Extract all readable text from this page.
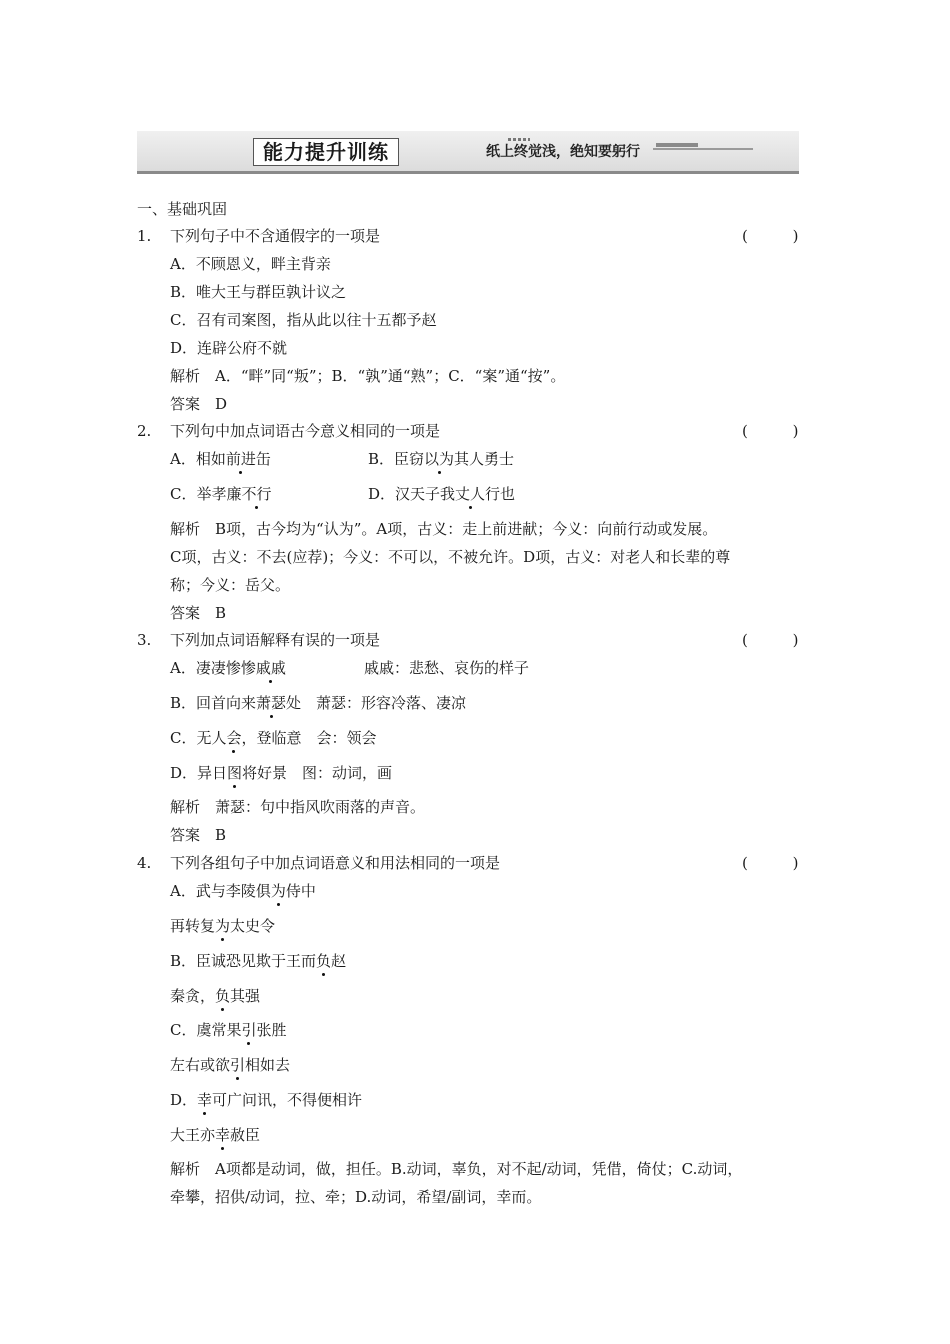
能力提升训练	纸上终觉浅，绝知要躬行
一、基础巩固
1. 下列句子中不含通假字的一项是	( )
A．不顾恩义，畔主背亲
B．唯大王与群臣孰计议之
C．召有司案图，指从此以往十五都予赵
D．连辟公府不就
解析　A．“畔”同“叛”；B．“孰”通“熟”；C．“案”通“按”。
答案　D
2. 下列句中加点词语古今意义相同的一项是	( )
A．相如前进缶	B．臣窃以为其人勇士
C．举孝廉不行	D．汉天子我丈人行也
解析　B项，古今均为“认为”。A项，古义：走上前进献；今义：向前行动或发展。
C项，古义：不去(应荐)；今义：不可以，不被允许。D项，古义：对老人和长辈的尊
称；今义：岳父。
答案　B
3. 下列加点词语解释有误的一项是	( )
A．凄凄惨惨戚戚	戚戚：悲愁、哀伤的样子
B．回首向来萧瑟处　萧瑟：形容冷落、凄凉
C．无人会，登临意　会：领会
D．异日图将好景　图：动词，画
解析　萧瑟：句中指风吹雨落的声音。
答案　B
4. 下列各组句子中加点词语意义和用法相同的一项是	( )
A．武与李陵俱为侍中
再转复为太史令
B．臣诚恐见欺于王而负赵
秦贪，负其强
C．虞常果引张胜
左右或欲引相如去
D．幸可广问讯，不得便相许
大王亦幸赦臣
解析　A项都是动词，做，担任。B.动词，辜负，对不起/动词，凭借，倚仗；C.动词，
牵攀，招供/动词，拉、牵；D.动词，希望/副词，幸而。
